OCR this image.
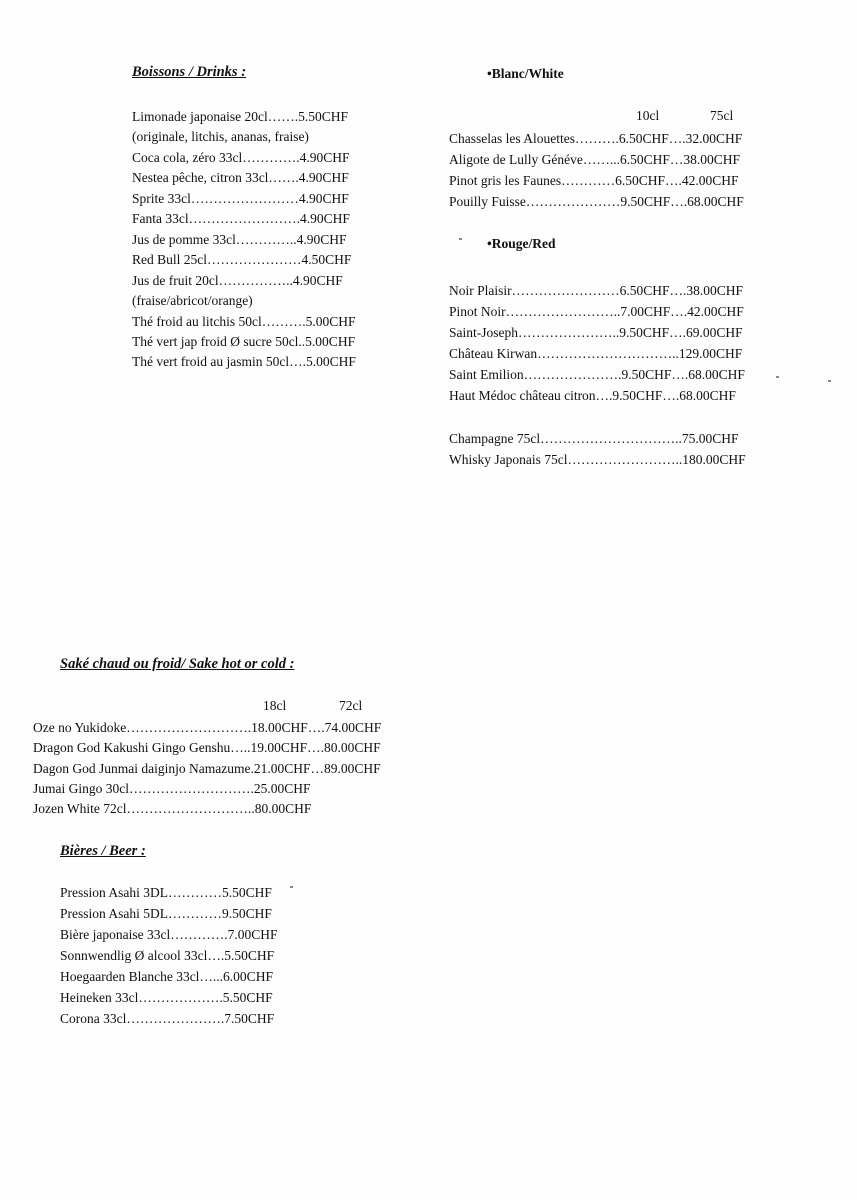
Boissons / Drinks :
Limonade japonaise 20cl…….5.50CHF
(originale, litchis, ananas, fraise)
Coca cola, zéro 33cl………….4.90CHF
Nestea pêche, citron 33cl…….4.90CHF
Sprite 33cl……………………4.90CHF
Fanta 33cl…………………….4.90CHF
Jus de pomme 33cl…………..4.90CHF
Red Bull 25cl…………………4.50CHF
Jus de fruit 20cl……………..4.90CHF
(fraise/abricot/orange)
Thé froid au litchis 50cl……….5.00CHF
Thé vert jap froid Ø sucre 50cl..5.00CHF
Thé vert froid au jasmin 50cl….5.00CHF
•Blanc/White
10cl	75cl
Chasselas les Alouettes……….6.50CHF….32.00CHF
Aligote de Lully Généve……...6.50CHF…38.00CHF
Pinot gris les Faunes…………6.50CHF….42.00CHF
Pouilly Fuisse…………………9.50CHF….68.00CHF
•Rouge/Red
Noir Plaisir……………………6.50CHF….38.00CHF
Pinot Noir……………………..7.00CHF….42.00CHF
Saint-Joseph…………………..9.50CHF….69.00CHF
Château Kirwan…………………………..129.00CHF
Saint Emilion………………….9.50CHF….68.00CHF
Haut Médoc château citron….9.50CHF….68.00CHF
Champagne 75cl…………………………..75.00CHF
Whisky Japonais 75cl……………………..180.00CHF
Saké chaud ou froid/ Sake hot or cold :
18cl	72cl
Oze no Yukidoke……………………….18.00CHF….74.00CHF
Dragon God Kakushi Gingo Genshu…..19.00CHF….80.00CHF
Dagon God Junmai daiginjo Namazume.21.00CHF…89.00CHF
Jumai Gingo 30cl……………………….25.00CHF
Jozen White 72cl………………………..80.00CHF
Bières / Beer :
Pression Asahi 3DL…………5.50CHF
Pression Asahi 5DL…………9.50CHF
Bière japonaise 33cl………….7.00CHF
Sonnwendlig Ø alcool 33cl….5.50CHF
Hoegaarden Blanche 33cl…...6.00CHF
Heineken 33cl……………….5.50CHF
Corona 33cl………………….7.50CHF
